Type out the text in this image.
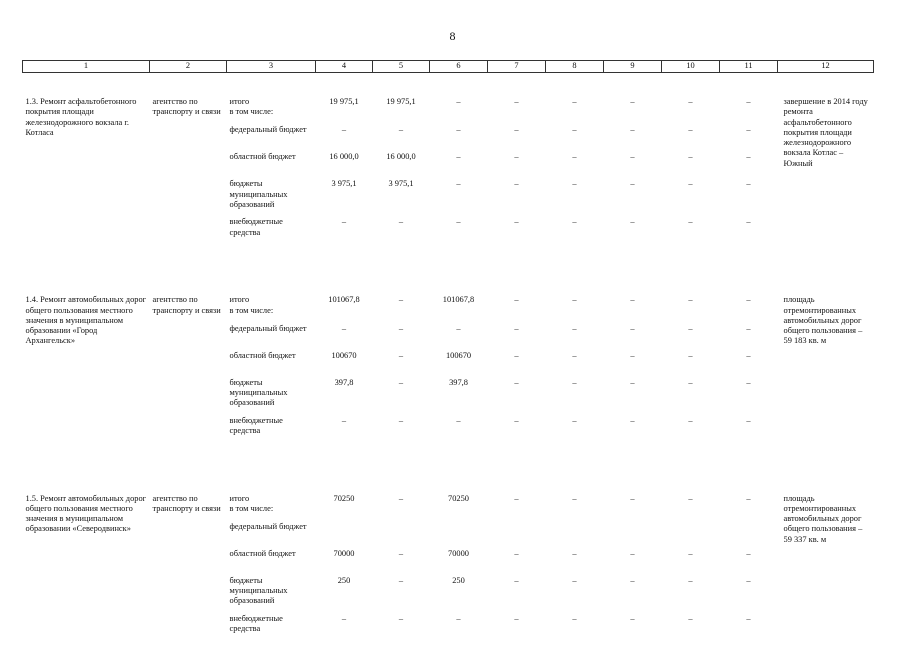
8
1	2	3	4	5	6	7	8	9	10	11	12
1.3. Ремонт асфальтобетонного покрытия площади железнодорожного вокзала г. Котласа	агентство по транспорту и связи	итого	19 975,1	19 975,1	–	–	–	–	–	–	завершение в 2014 году ремонта асфальтобетонного покрытия площади железнодорожного вокзала Котлас – Южный
		в том числе:									
		федеральный бюджет	–	–	–	–	–	–	–	–	
		областной бюджет	16 000,0	16 000,0	–	–	–	–	–	–	
		бюджеты муниципальных образований	3 975,1	3 975,1	–	–	–	–	–	–	
		внебюджетные средства	–	–	–	–	–	–	–	–	

1.4. Ремонт автомобильных дорог общего пользования местного значения в муниципальном образовании «Город Архангельск»	агентство по транспорту и связи	итого	101067,8	–	101067,8	–	–	–	–	–	площадь отремонтированных автомобильных дорог общего пользования – 59 183 кв. м
		в том числе:									
		федеральный бюджет	–	–	–	–	–	–	–	–	
		областной бюджет	100670	–	100670	–	–	–	–	–	
		бюджеты муниципальных образований	397,8	–	397,8	–	–	–	–	–	
		внебюджетные средства	–	–	–	–	–	–	–	–	

1.5. Ремонт автомобильных дорог общего пользования местного значения в муниципальном образовании «Северодвинск»	агентство по транспорту и связи	итого	70250	–	70250	–	–	–	–	–	площадь отремонтированных автомобильных дорог общего пользования – 59 337 кв. м
		в том числе:									
		федеральный бюджет									
		областной бюджет	70000	–	70000	–	–	–	–	–	
		бюджеты муниципальных образований	250	–	250	–	–	–	–	–	
		внебюджетные средства	–	–	–	–	–	–	–	–	
